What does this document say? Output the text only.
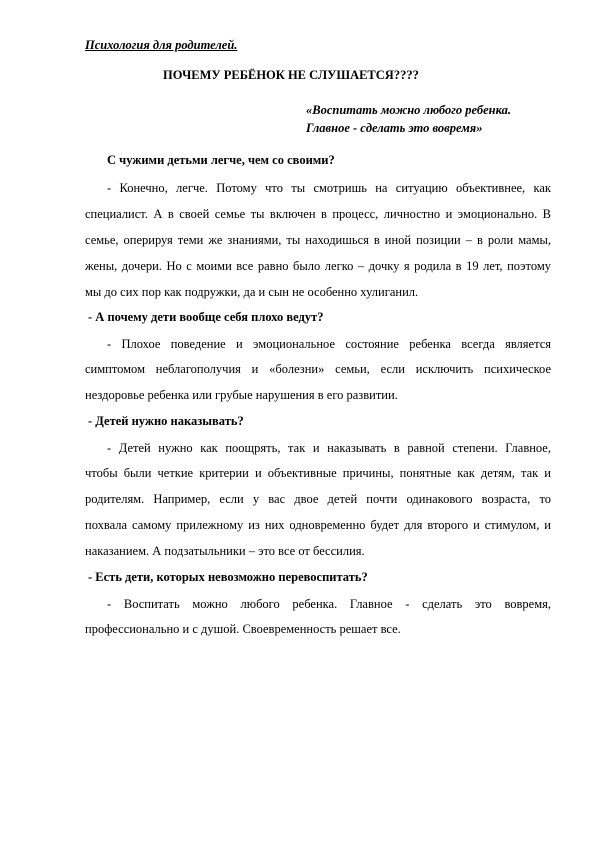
Психология для родителей.
ПОЧЕМУ РЕБЁНОК НЕ СЛУШАЕТСЯ????
«Воспитать можно любого ребенка.
Главное - сделать это вовремя»
С чужими детьми легче, чем со своими?
- Конечно, легче. Потому что ты смотришь на ситуацию объективнее, как
специалист. А в своей семье ты включен в процесс, личностно и эмоционально. В
семье, оперируя теми же знаниями, ты находишься в иной позиции – в роли мамы,
жены, дочери. Но с моими все равно было легко – дочку я родила в 19 лет, поэтому
мы до сих пор как подружки, да и сын не особенно хулиганил.
- А почему дети вообще себя плохо ведут?
- Плохое поведение и эмоциональное состояние ребенка всегда является
симптомом неблагополучия и «болезни» семьи, если исключить психическое
нездоровье ребенка или грубые нарушения в его развитии.
- Детей нужно наказывать?
- Детей нужно как поощрять, так и наказывать в равной степени. Главное,
чтобы были четкие критерии и объективные причины, понятные как детям, так и
родителям. Например, если у вас двое детей почти одинакового возраста, то
похвала самому прилежному из них одновременно будет для второго и стимулом, и
наказанием. А подзатыльники – это все от бессилия.
- Есть дети, которых невозможно перевоспитать?
- Воспитать можно любого ребенка. Главное - сделать это вовремя,
профессионально и с душой. Своевременность решает все.
